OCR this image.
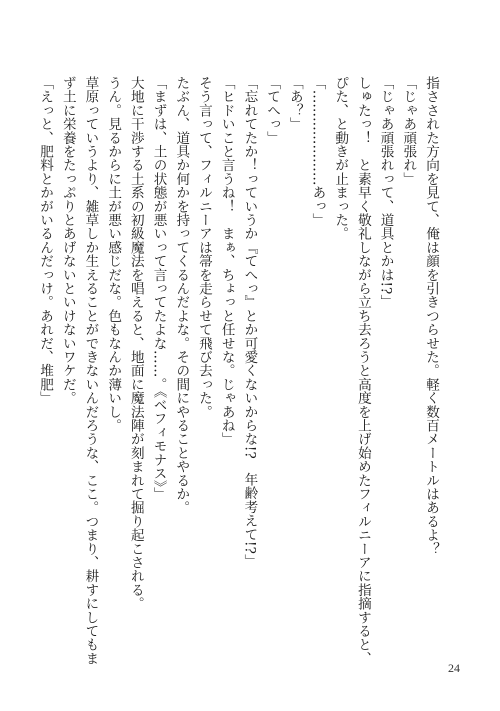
指さされた方向を見て、俺は顔を引きつらせた。軽く数百メートルはあるよ？
「じゃあ頑張れ」
「じゃあ頑張れって、道具とかは!?」
しゅたっ！　と素早く敬礼しながら立ち去ろうと高度を上げ始めたフィルニーアに指摘すると、
ぴた、と動きが止まった。
「…………………あっ」
「あ？」
「てへっ」
「忘れてたか！っていうか『てへっ』とか可愛くないからな!?　年齢考えて!?」
「ヒドいこと言うね！　まぁ、ちょっと任せな。じゃあね」
そう言って、フィルニーアは箒を走らせて飛び去った。
たぶん、道具か何かを持ってくるんだよな。その間にやることやるか。
「まずは、土の状態が悪いって言ってたよな……。《ベフィモナス》」
大地に干渉する土系の初級魔法を唱えると、地面に魔法陣が刻まれて掘り起こされる。
うん。見るからに土が悪い感じだな。色もなんか薄いし。
草原っていうより、雑草しか生えることができないんだろうな、ここ。つまり、耕すにしてもま
ず土に栄養をたっぷりとあげないといけないワケだ。
「えっと、肥料とかがいるんだっけ。あれだ、堆肥」
24
